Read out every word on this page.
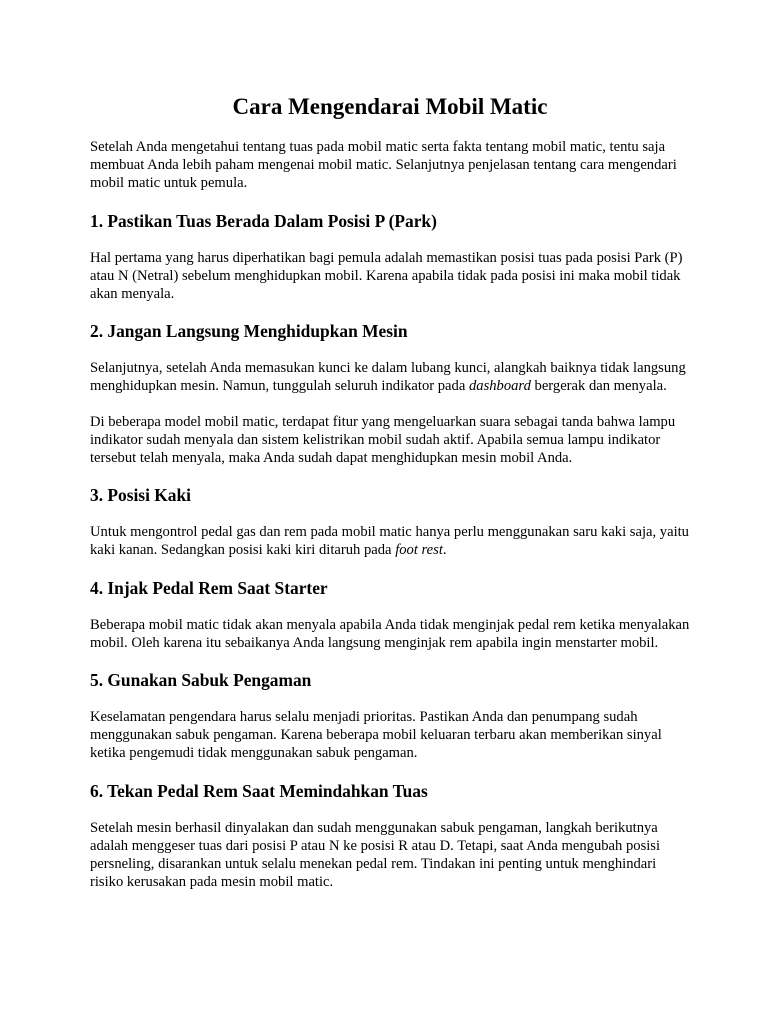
Cara Mengendarai Mobil Matic

Setelah Anda mengetahui tentang tuas pada mobil matic serta fakta tentang mobil matic, tentu saja membuat Anda lebih paham mengenai mobil matic. Selanjutnya penjelasan tentang cara mengendari mobil matic untuk pemula.

1. Pastikan Tuas Berada Dalam Posisi P (Park)

Hal pertama yang harus diperhatikan bagi pemula adalah memastikan posisi tuas pada posisi Park (P) atau N (Netral) sebelum menghidupkan mobil. Karena apabila tidak pada posisi ini maka mobil tidak akan menyala.

2. Jangan Langsung Menghidupkan Mesin

Selanjutnya, setelah Anda memasukan kunci ke dalam lubang kunci, alangkah baiknya tidak langsung menghidupkan mesin. Namun, tunggulah seluruh indikator pada dashboard bergerak dan menyala.

Di beberapa model mobil matic, terdapat fitur yang mengeluarkan suara sebagai tanda bahwa lampu indikator sudah menyala dan sistem kelistrikan mobil sudah aktif. Apabila semua lampu indikator tersebut telah menyala, maka Anda sudah dapat menghidupkan mesin mobil Anda.

3. Posisi Kaki

Untuk mengontrol pedal gas dan rem pada mobil matic hanya perlu menggunakan saru kaki saja, yaitu kaki kanan. Sedangkan posisi kaki kiri ditaruh pada foot rest.

4. Injak Pedal Rem Saat Starter

Beberapa mobil matic tidak akan menyala apabila Anda tidak menginjak pedal rem ketika menyalakan mobil. Oleh karena itu sebaikanya Anda langsung menginjak rem apabila ingin menstarter mobil.

5. Gunakan Sabuk Pengaman

Keselamatan pengendara harus selalu menjadi prioritas. Pastikan Anda dan penumpang sudah menggunakan sabuk pengaman. Karena beberapa mobil keluaran terbaru akan memberikan sinyal ketika pengemudi tidak menggunakan sabuk pengaman.

6. Tekan Pedal Rem Saat Memindahkan Tuas

Setelah mesin berhasil dinyalakan dan sudah menggunakan sabuk pengaman, langkah berikutnya adalah menggeser tuas dari posisi P atau N ke posisi R atau D. Tetapi, saat Anda mengubah posisi persneling, disarankan untuk selalu menekan pedal rem. Tindakan ini penting untuk menghindari risiko kerusakan pada mesin mobil matic.
